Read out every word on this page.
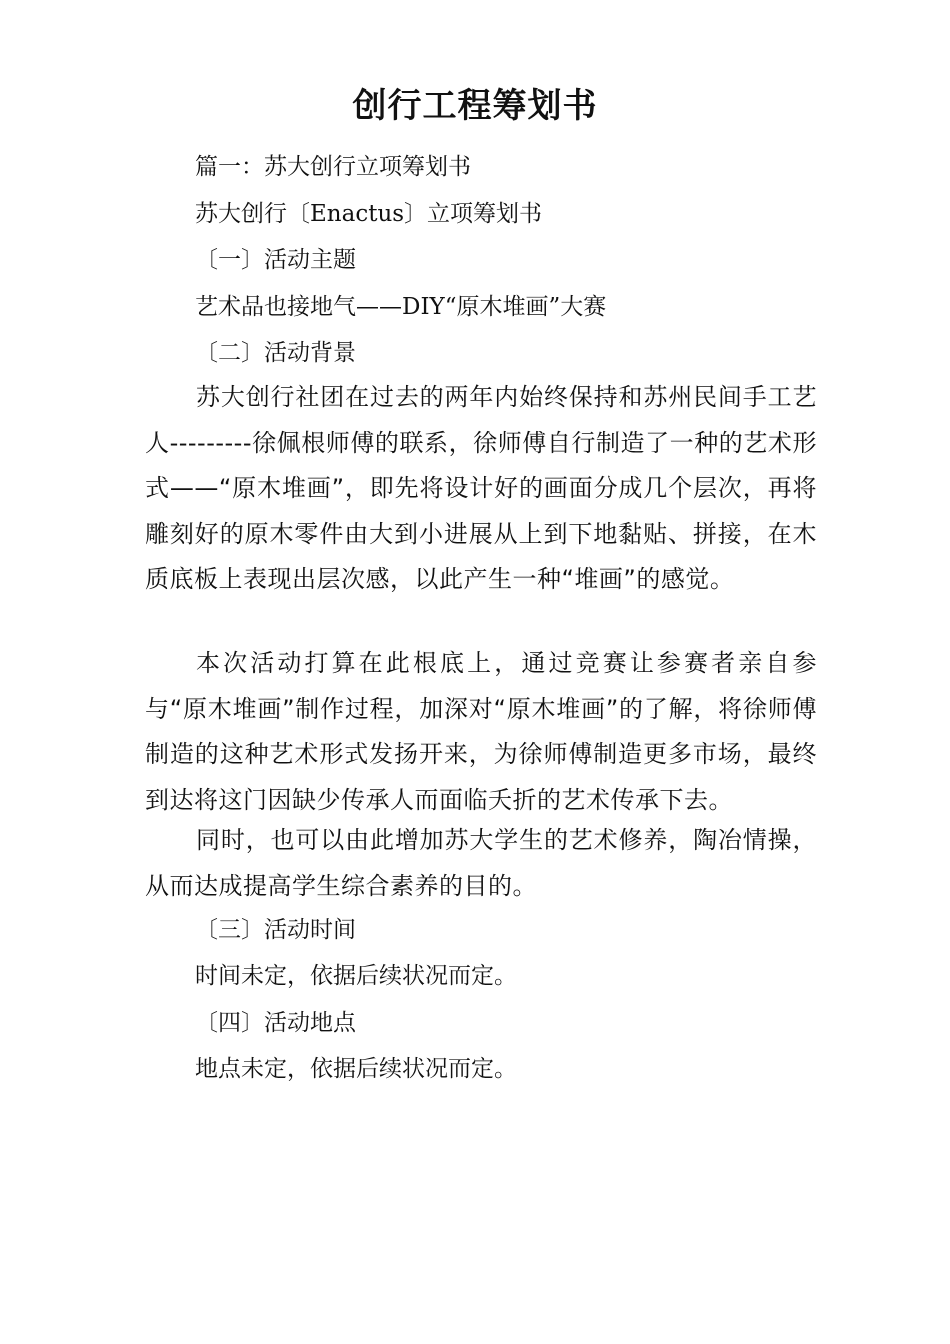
创行工程筹划书

篇一：苏大创行立项筹划书

苏大创行〔Enactus〕立项筹划书

〔一〕活动主题

艺术品也接地气——DIY“原木堆画”大赛

〔二〕活动背景

苏大创行社团在过去的两年内始终保持和苏州民间手工艺人---------徐佩根师傅的联系，徐师傅自行制造了一种的艺术形式——“原木堆画”，即先将设计好的画面分成几个层次，再将雕刻好的原木零件由大到小进展从上到下地黏贴、拼接，在木质底板上表现出层次感，以此产生一种“堆画”的感觉。

本次活动打算在此根底上，通过竞赛让参赛者亲自参与“原木堆画”制作过程，加深对“原木堆画”的了解，将徐师傅制造的这种艺术形式发扬开来，为徐师傅制造更多市场，最终到达将这门因缺少传承人而面临夭折的艺术传承下去。

同时，也可以由此增加苏大学生的艺术修养，陶冶情操， 从而达成提高学生综合素养的目的。

〔三〕活动时间

时间未定，依据后续状况而定。

〔四〕活动地点

地点未定，依据后续状况而定。
